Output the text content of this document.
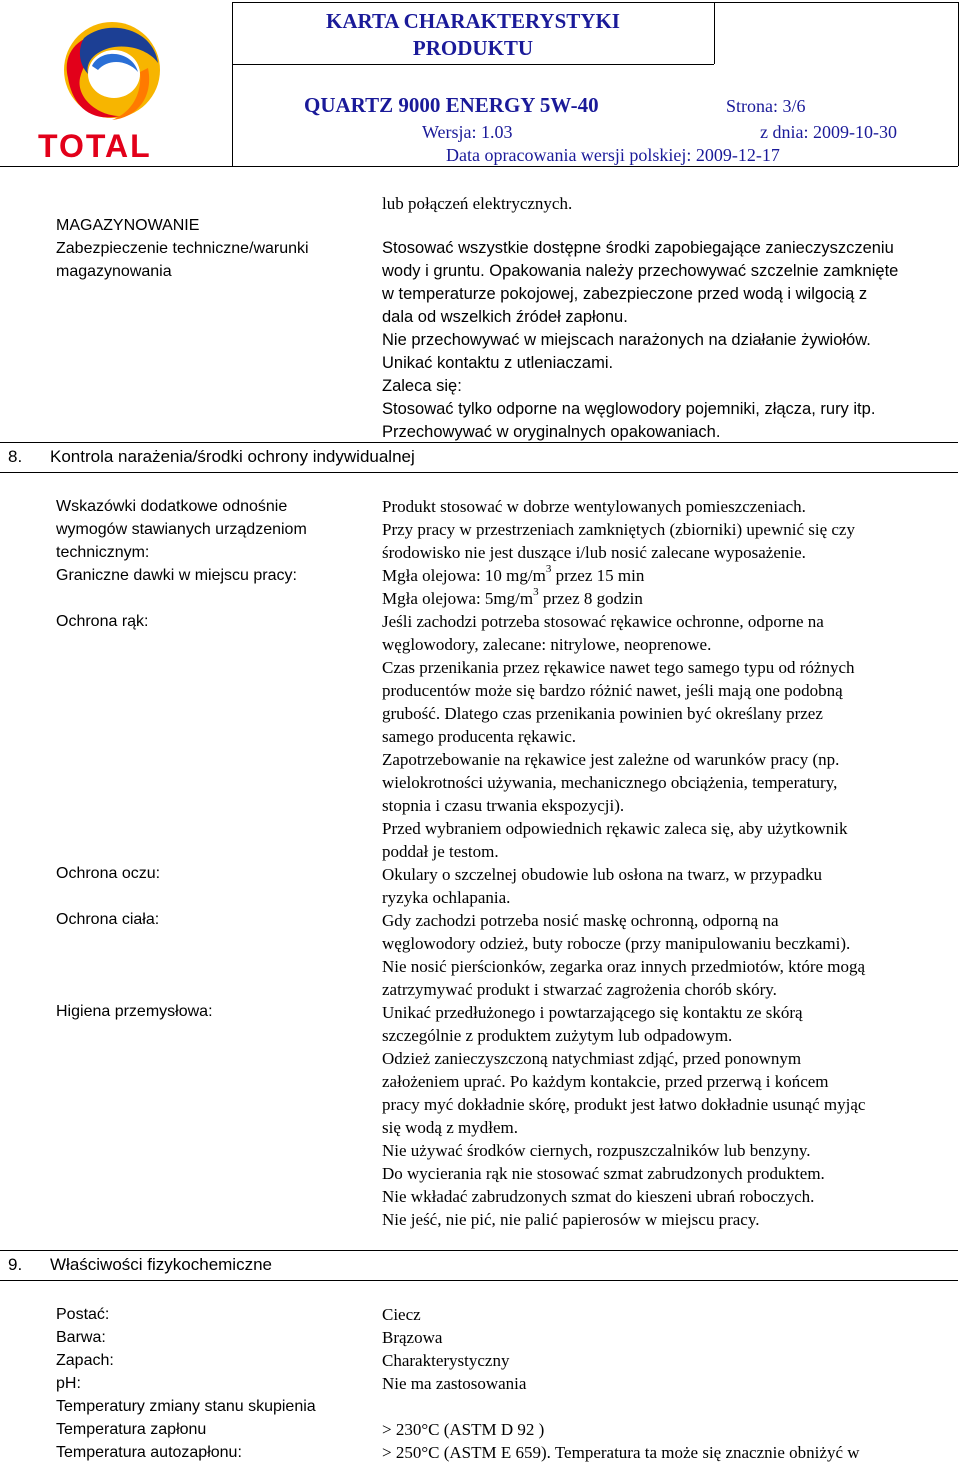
TOTAL
KARTA CHARAKTERYSTYKI
PRODUKTU
QUARTZ 9000 ENERGY 5W-40	Strona: 3/6
Wersja: 1.03	z dnia: 2009-10-30
Data opracowania wersji polskiej: 2009-12-17
lub połączeń elektrycznych.
MAGAZYNOWANIE
Zabezpieczenie techniczne/warunki
magazynowania
Stosować wszystkie dostępne środki zapobiegające zanieczyszczeniu
wody i gruntu. Opakowania należy przechowywać szczelnie zamknięte
w temperaturze pokojowej, zabezpieczone przed wodą i wilgocią z
dala od wszelkich źródeł zapłonu.
Nie przechowywać w miejscach narażonych na działanie żywiołów.
Unikać kontaktu z utleniaczami.
Zaleca się:
Stosować tylko odporne na węglowodory pojemniki, złącza, rury itp.
Przechowywać w oryginalnych opakowaniach.
8. Kontrola narażenia/środki ochrony indywidualnej
Wskazówki dodatkowe odnośnie
wymogów stawianych urządzeniom
technicznym:
Graniczne dawki w miejscu pracy:
Ochrona rąk:
Ochrona oczu:
Ochrona ciała:
Higiena przemysłowa:
Produkt stosować w dobrze wentylowanych pomieszczeniach.
Przy pracy w przestrzeniach zamkniętych (zbiorniki) upewnić się czy
środowisko nie jest duszące i/lub nosić zalecane wyposażenie.
Mgła olejowa: 10 $mg/m^3$ przez 15 min
Mgła olejowa: $5mg/m^3$ przez 8 godzin
Jeśli zachodzi potrzeba stosować rękawice ochronne, odporne na
węglowodory, zalecane: nitrylowe, neoprenowe.
Czas przenikania przez rękawice nawet tego samego typu od różnych
producentów może się bardzo różnić nawet, jeśli mają one podobną
grubość. Dlatego czas przenikania powinien być określany przez
samego producenta rękawic.
Zapotrzebowanie na rękawice jest zależne od warunków pracy (np.
wielokrotności używania, mechanicznego obciążenia, temperatury,
stopnia i czasu trwania ekspozycji).
Przed wybraniem odpowiednich rękawic zaleca się, aby użytkownik
poddał je testom.
Okulary o szczelnej obudowie lub osłona na twarz, w przypadku
ryzyka ochlapania.
Gdy zachodzi potrzeba nosić maskę ochronną, odporną na
węglowodory odzież, buty robocze (przy manipulowaniu beczkami).
Nie nosić pierścionków, zegarka oraz innych przedmiotów, które mogą
zatrzymywać produkt i stwarzać zagrożenia chorób skóry.
Unikać przedłużonego i powtarzającego się kontaktu ze skórą
szczególnie z produktem zużytym lub odpadowym.
Odzież zanieczyszczoną natychmiast zdjąć, przed ponownym
założeniem uprać. Po każdym kontakcie, przed przerwą i końcem
pracy myć dokładnie skórę, produkt jest łatwo dokładnie usunąć myjąc
się wodą z mydłem.
Nie używać środków ciernych, rozpuszczalników lub benzyny.
Do wycierania rąk nie stosować szmat zabrudzonych produktem.
Nie wkładać zabrudzonych szmat do kieszeni ubrań roboczych.
Nie jeść, nie pić, nie palić papierosów w miejscu pracy.
9. Właściwości fizykochemiczne
Postać:
Barwa:
Zapach:
pH:
Temperatury zmiany stanu skupienia
Temperatura zapłonu
Temperatura autozapłonu:
Ciecz
Brązowa
Charakterystyczny
Nie ma zastosowania
> 230°C (ASTM D 92 )
> 250°C (ASTM E 659). Temperatura ta może się znacznie obniżyć w
